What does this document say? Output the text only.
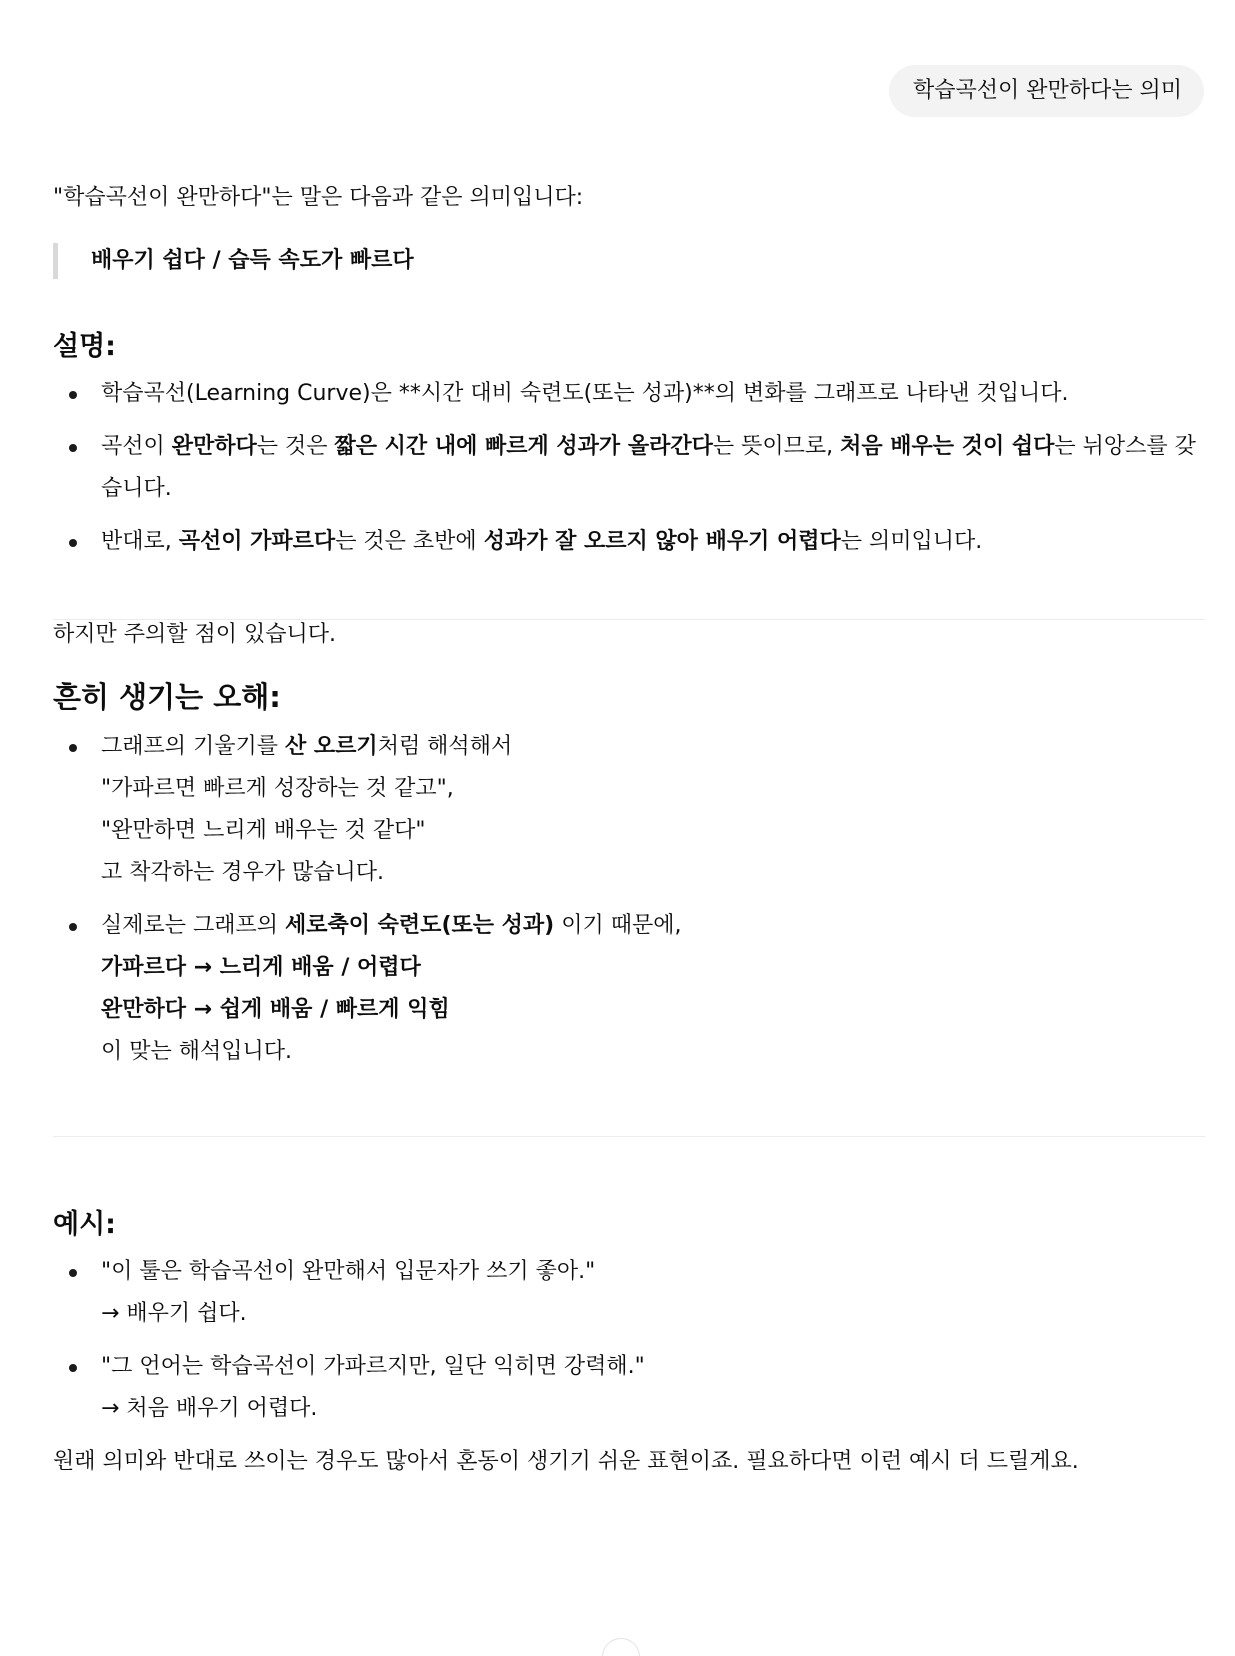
학습곡선이 완만하다는 의미

"학습곡선이 완만하다"는 말은 다음과 같은 의미입니다:

배우기 쉽다 / 습득 속도가 빠르다
설명:
학습곡선(Learning Curve)은 **시간 대비 숙련도(또는 성과)**의 변화를 그래프로 나타낸 것입니다.
곡선이 완만하다는 것은 짧은 시간 내에 빠르게 성과가 올라간다는 뜻이므로, 처음 배우는 것이 쉽다는 뉘앙스를 갖습니다.
반대로, 곡선이 가파르다는 것은 초반에 성과가 잘 오르지 않아 배우기 어렵다는 의미입니다.

하지만 주의할 점이 있습니다.

흔히 생기는 오해:
그래프의 기울기를 산 오르기처럼 해석해서
"가파르면 빠르게 성장하는 것 같고",
"완만하면 느리게 배우는 것 같다"
고 착각하는 경우가 많습니다.
실제로는 그래프의 세로축이 숙련도(또는 성과) 이기 때문에,
가파르다 → 느리게 배움 / 어렵다
완만하다 → 쉽게 배움 / 빠르게 익힘
이 맞는 해석입니다.
예시:
"이 툴은 학습곡선이 완만해서 입문자가 쓰기 좋아."
→ 배우기 쉽다.
"그 언어는 학습곡선이 가파르지만, 일단 익히면 강력해."
→ 처음 배우기 어렵다.

원래 의미와 반대로 쓰이는 경우도 많아서 혼동이 생기기 쉬운 표현이죠. 필요하다면 이런 예시 더 드릴게요.
